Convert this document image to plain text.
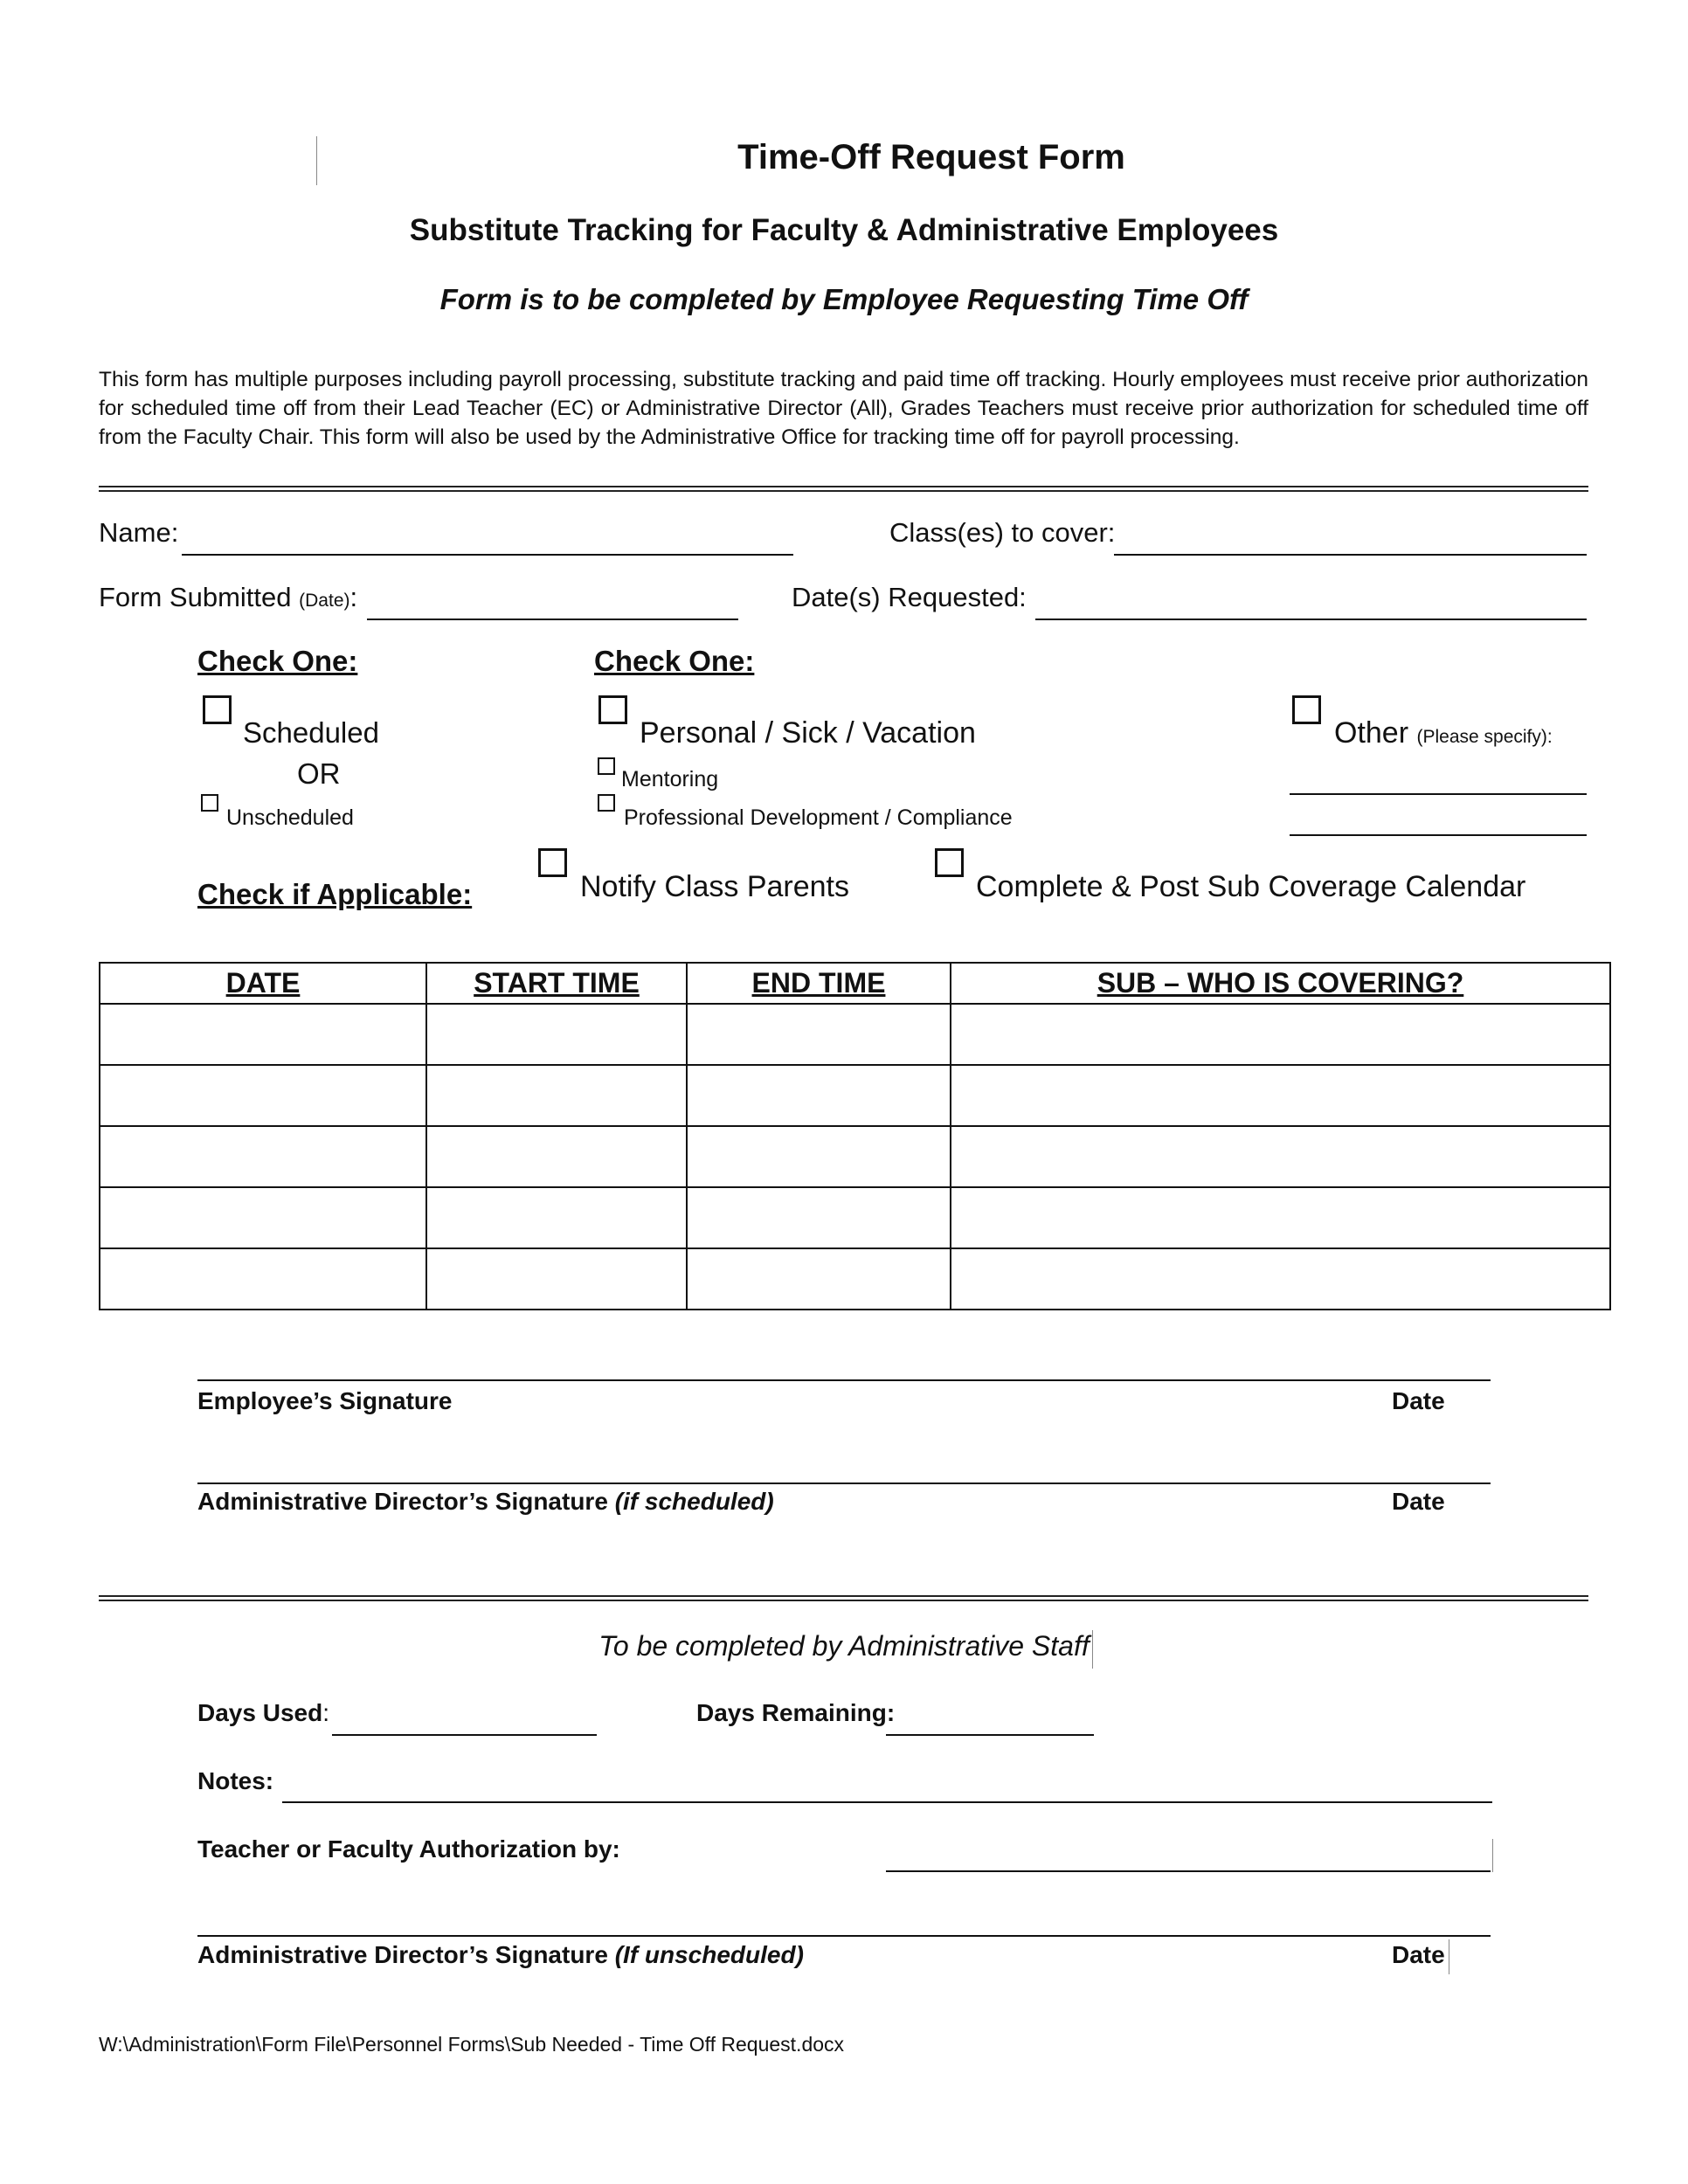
Time-Off Request Form
Substitute Tracking for Faculty & Administrative Employees
Form is to be completed by Employee Requesting Time Off
This form has multiple purposes including payroll processing, substitute tracking and paid time off tracking. Hourly employees must receive prior authorization for scheduled time off from their Lead Teacher (EC) or Administrative Director (All), Grades Teachers must receive prior authorization for scheduled time off from the Faculty Chair. This form will also be used by the Administrative Office for tracking time off for payroll processing.
Name:	Class(es) to cover:
Form Submitted (Date):	Date(s) Requested:
Check One:
Scheduled
OR
Unscheduled
Check One:
Personal / Sick / Vacation
Mentoring
Professional Development / Compliance
Other (Please specify):
Check if Applicable:	Notify Class Parents	Complete & Post Sub Coverage Calendar
DATE	START TIME	END TIME	SUB – WHO IS COVERING?

Employee’s Signature	Date
Administrative Director’s Signature (if scheduled)	Date
To be completed by Administrative Staff
Days Used:	Days Remaining:
Notes:
Teacher or Faculty Authorization by:
Administrative Director’s Signature (If unscheduled)	Date
W:\Administration\Form File\Personnel Forms\Sub Needed - Time Off Request.docx
